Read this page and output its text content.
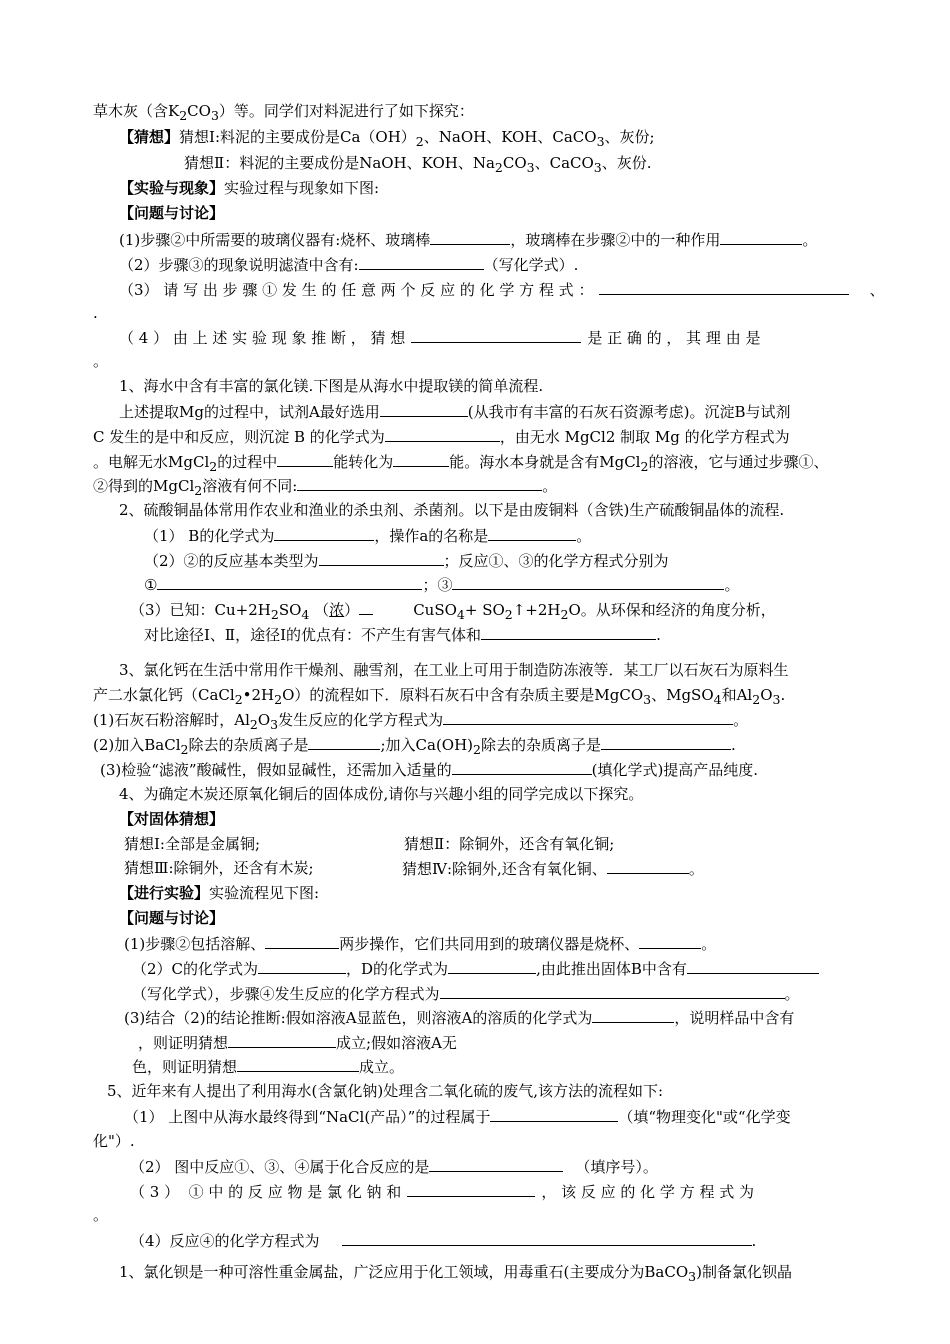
草木灰（含$K_2CO_3$）等。同学们对料泥进行了如下探究：
【猜想】猜想Ⅰ:料泥的主要成份是$Ca(OH)_2$、NaOH、KOH、CaCO$_3$、灰份;
猜想Ⅱ：料泥的主要成份是NaOH、KOH、$Na_2CO_3$、CaCO$_3$、灰份.
【实验与现象】实验过程与现象如下图:
【问题与讨论】
(1)步骤②中所需要的玻璃仪器有:烧杯、玻璃棒	，玻璃棒在步骤②中的一种作用	。
（2）步骤③的现象说明滤渣中含有:	（写化学式）.
（3） 请 写 出 步 骤 ① 发 生 的 任 意 两 个 反 应 的 化 学 方 程 式 ：	、
.
（ 4 ） 由 上 述 实 验 现 象 推 断 ， 猜 想	是 正 确 的 ， 其 理 由 是
。
1、海水中含有丰富的氯化镁.下图是从海水中提取镁的简单流程.
上述提取Mg的过程中，试剂A最好选用	(从我市有丰富的石灰石资源考虑)。沉淀B与试剂
C 发生的是中和反应，则沉淀 B 的化学式为	，由无水 MgCl2 制取 Mg 的化学方程式为
。电解无水MgCl$_2$的过程中	能转化为	能。海水本身就是含有MgCl$_2$的溶液，它与通过步骤①、
②得到的MgCl$_2$溶液有何不同:	。
2、硫酸铜晶体常用作农业和渔业的杀虫剂、杀菌剂。以下是由废铜料（含铁)生产硫酸铜晶体的流程.
（1） B的化学式为	，操作a的名称是	。
（2）②的反应基本类型为	；反应①、③的化学方程式分别为
①	；③	。
（3）已知：$Cu+2H_2SO_4$ （浓）	CuSO$_4$+ $SO_2↑+2H_2O$。从环保和经济的角度分析，
对比途径Ⅰ、Ⅱ，途径Ⅰ的优点有：不产生有害气体和	.
3、氯化钙在生活中常用作干燥剂、融雪剂，在工业上可用于制造防冻液等．某工厂以石灰石为原料生
产二水氯化钙$(CaCl_2•2H_2O)$的流程如下．原料石灰石中含有杂质主要是MgCO$_3$、MgSO$_4$和$Al_2O_3$.
(1)石灰石粉溶解时，$Al_2O_3$发生反应的化学方程式为	。
(2)加入BaCl$_2$除去的杂质离子是	;加入$Ca(OH)_2$除去的杂质离子是	.
(3)检验“滤液”酸碱性，假如显碱性，还需加入适量的	(填化学式)提高产品纯度.
4、为确定木炭还原氧化铜后的固体成份,请你与兴趣小组的同学完成以下探究。
【对固体猜想】
猜想Ⅰ:全部是金属铜;	猜想Ⅱ：除铜外，还含有氧化铜;
猜想Ⅲ:除铜外，还含有木炭;	猜想Ⅳ:除铜外,还含有氧化铜、	。
【进行实验】实验流程见下图:
【问题与讨论】
(1)步骤②包括溶解、	两步操作，它们共同用到的玻璃仪器是烧杯、	。
（2）C的化学式为	，D的化学式为	,由此推出固体B中含有
（写化学式），步骤④发生反应的化学方程式为	。
(3)结合（2)的结论推断:假如溶液A显蓝色，则溶液A的溶质的化学式为	，说明样品中含有
，则证明猜想	成立;假如溶液A无
色，则证明猜想	成立。
5、近年来有人提出了利用海水(含氯化钠)处理含二氧化硫的废气,该方法的流程如下:
（1） 上图中从海水最终得到“NaCl(产品）”的过程属于	（填“物理变化"或“化学变
化"）.
（2） 图中反应①、③、④属于化合反应的是	（填序号）。
（ 3 ）  ① 中 的 反 应 物 是 氯 化 钠 和	， 该 反 应 的 化 学 方 程 式 为
。
（4）反应④的化学方程式为	.
1、氯化钡是一种可溶性重金属盐，广泛应用于化工领域，用毒重石(主要成分为BaCO$_3$)制备氯化钡晶
